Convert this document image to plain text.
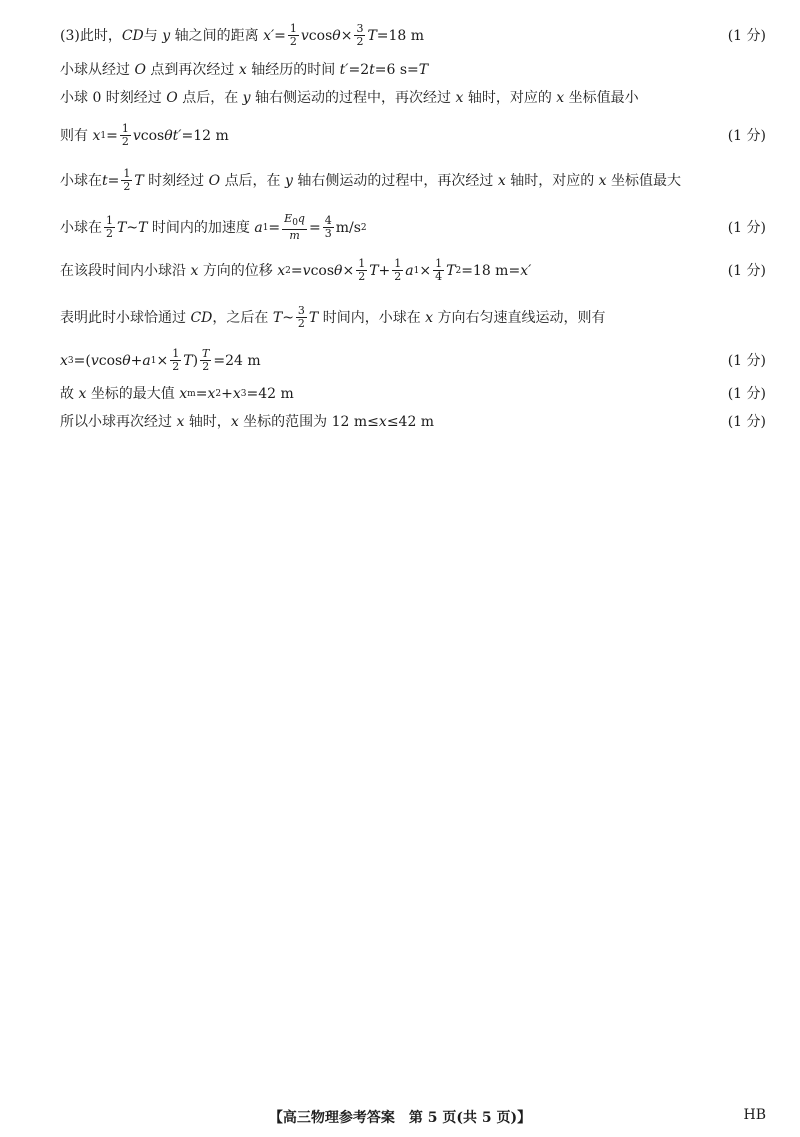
(3)此时， CD 与
y
轴之间的距离
$x' = \frac{1}{2}$ v $\cos \theta \times \frac{3}{2}$ T =18 m	(1 分)
小球从经过
O
点到再次经过
x
轴经历的时间
t′ =2 t =6 s= T
小球 0 时刻经过
O
点后，在
y
轴右侧运动的过程中，再次经过
x
轴时，对应的
x
坐标值最小
则有
x $1 = \frac{1}{2}$ v cos θ t′ =12 m	(1 分)
小球在 $t = \frac{1}{2}$ T
时刻经过
O
点后，在
y
轴右侧运动的过程中，再次经过
x
轴时，对应的
x
坐标值最大
小球在 $\frac{1}{2}$ T ~ T
时间内的加速度
a $1 = \frac{E_0q}{m} = \frac{4}{3} m/s$ 2	(1 分)
在该段时间内小球沿
x
方向的位移
x 2 = v $\cos \theta \times \frac{1}{2}$ $T + \frac{1}{2}$ a $1 \times \frac{1}{4}$ T 2 =18 m= x′	(1 分)
表明此时小球恰通过
CD ，之后在
T ~ $\frac{3}{2}$ T
时间内，小球在
x
方向右匀速直线运动，则有
x 3 =( v cos θ + a $1 \times \frac{1}{2}$ T ) $\frac{T}{2} =24$ m	(1 分)
故
x
坐标的最大值
x m = x 2 + x 3 =42 m	(1 分)
所以小球再次经过
x
轴时， x
坐标的范围为 12 m≤ x ≤42 m	(1 分)
【高三物理参考答案　第 5 页(共 5 页)】	HB
